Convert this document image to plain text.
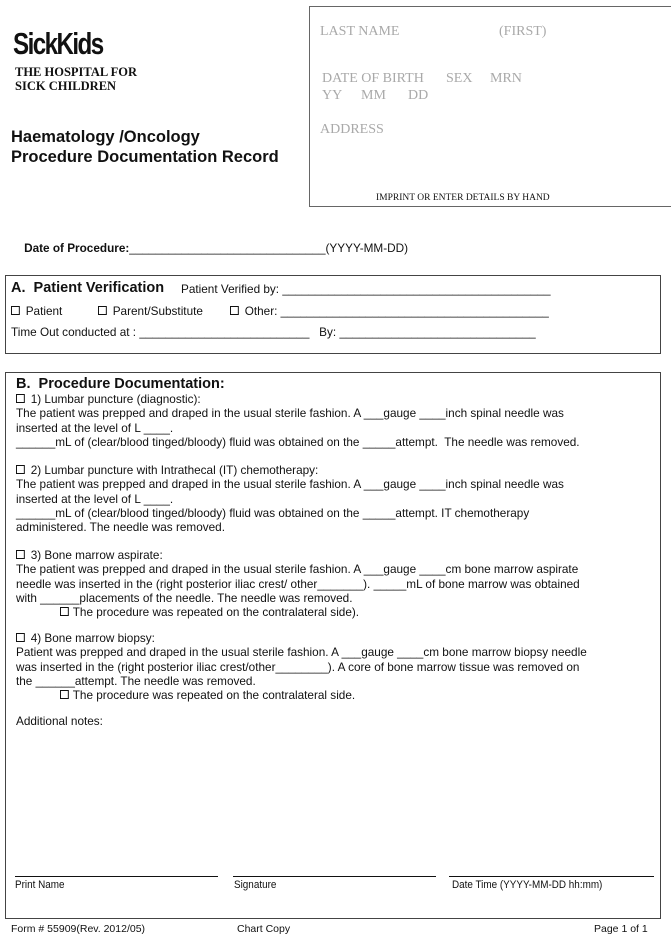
SickKids
THE HOSPITAL FOR
SICK CHILDREN
Haematology /Oncology
Procedure Documentation Record
LAST NAME	(FIRST)
DATE OF BIRTH SEX MRN
YY MM DD
ADDRESS
IMPRINT OR ENTER DETAILS BY HAND

Date of Procedure:______________________________(YYYY-MM-DD)

A.  Patient Verification Patient Verified by: _________________________________________
Patient	Parent/Substitute	Other: _________________________________________
Time Out conducted at : __________________________   By: ______________________________
B.  Procedure Documentation:
1) Lumbar puncture (diagnostic):
The patient was prepped and draped in the usual sterile fashion. A ___gauge ____inch spinal needle was
inserted at the level of L ____.
______mL of (clear/blood tinged/bloody) fluid was obtained on the _____attempt.  The needle was removed.
2) Lumbar puncture with Intrathecal (IT) chemotherapy:
The patient was prepped and draped in the usual sterile fashion. A ___gauge ____inch spinal needle was
inserted at the level of L ____.
______mL of (clear/blood tinged/bloody) fluid was obtained on the _____attempt. IT chemotherapy
administered. The needle was removed.
3) Bone marrow aspirate:
The patient was prepped and draped in the usual sterile fashion. A ___gauge ____cm bone marrow aspirate
needle was inserted in the (right posterior iliac crest/ other_______). _____mL of bone marrow was obtained
with ______placements of the needle. The needle was removed.
The procedure was repeated on the contralateral side).
4) Bone marrow biopsy:
Patient was prepped and draped in the usual sterile fashion. A ___gauge ____cm bone marrow biopsy needle
was inserted in the (right posterior iliac crest/other________). A core of bone marrow tissue was removed on
the ______attempt. The needle was removed.
The procedure was repeated on the contralateral side.
Additional notes:
Print Name	Signature	Date Time (YYYY-MM-DD hh:mm)
Form # 55909(Rev. 2012/05)	Chart Copy	Page 1 of 1
